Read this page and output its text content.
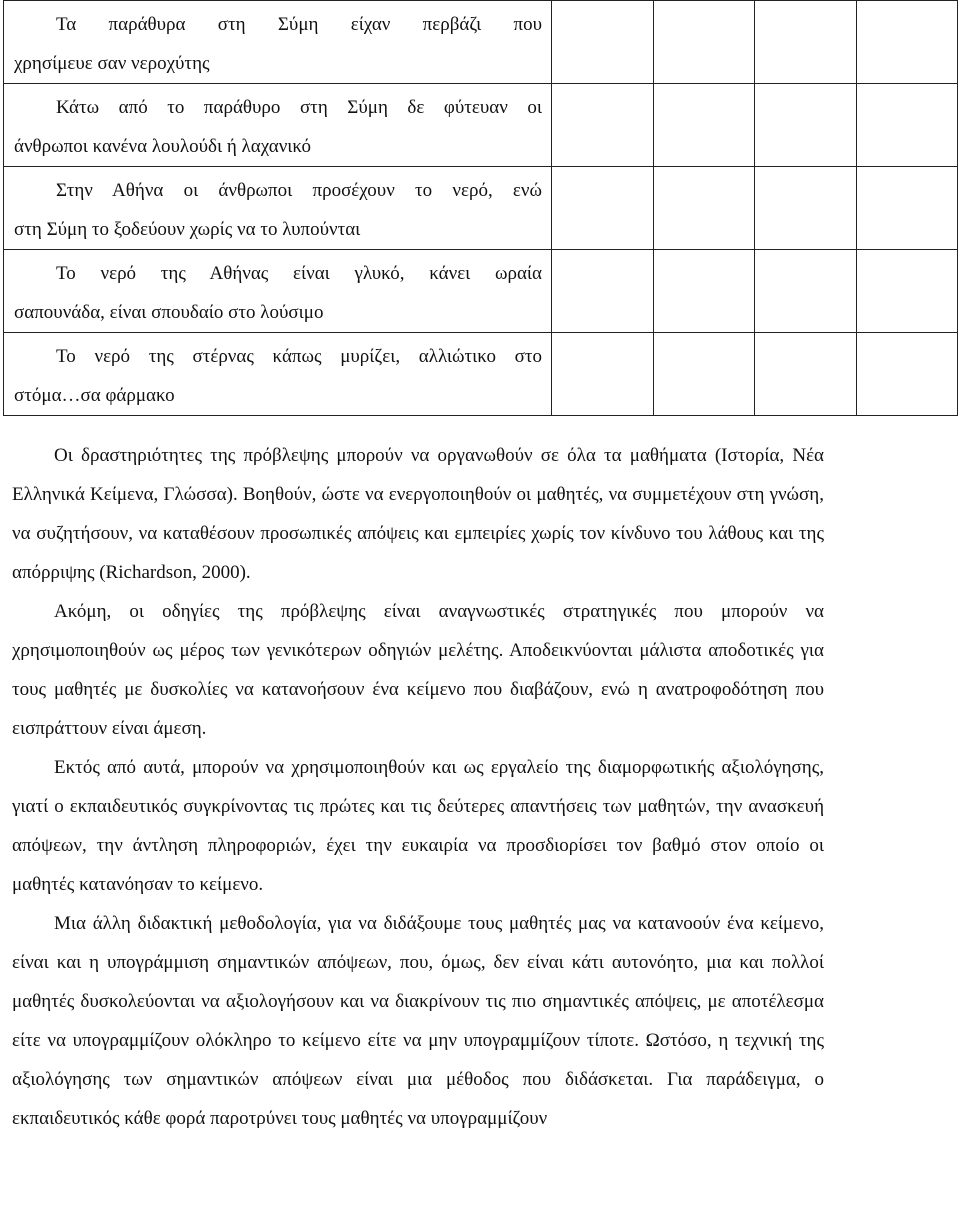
Τα παράθυρα στη Σύμη είχαν περβάζι που
χρησίμευε σαν νεροχύτης				

Κάτω από το παράθυρο στη Σύμη δε φύτευαν οι
άνθρωποι κανένα λουλούδι ή λαχανικό				

Στην Αθήνα οι άνθρωποι προσέχουν το νερό, ενώ
στη Σύμη το ξοδεύουν χωρίς να το λυπούνται				

Το νερό της Αθήνας είναι γλυκό, κάνει ωραία
σαπουνάδα, είναι σπουδαίο στο λούσιμο				

Το νερό της στέρνας κάπως μυρίζει, αλλιώτικο στο
στόμα…σα φάρμακο				

Οι δραστηριότητες της πρόβλεψης μπορούν να οργανωθούν σε όλα τα μαθήματα (Ιστορία, Νέα Ελληνικά Κείμενα, Γλώσσα). Βοηθούν, ώστε να ενεργοποιηθούν οι μαθητές, να συμμετέχουν στη γνώση, να συζητήσουν, να καταθέσουν προσωπικές απόψεις και εμπειρίες χωρίς τον κίνδυνο του λάθους και της απόρριψης (Richardson, 2000).

Ακόμη, οι οδηγίες της πρόβλεψης είναι αναγνωστικές στρατηγικές που μπορούν να χρησιμοποιηθούν ως μέρος των γενικότερων οδηγιών μελέτης. Αποδεικνύονται μάλιστα αποδοτικές για τους μαθητές με δυσκολίες να κατανοήσουν ένα κείμενο που διαβάζουν, ενώ η ανατροφοδότηση που εισπράττουν είναι άμεση.

Εκτός από αυτά, μπορούν να χρησιμοποιηθούν και ως εργαλείο της διαμορφωτικής αξιολόγησης, γιατί ο εκπαιδευτικός συγκρίνοντας τις πρώτες και τις δεύτερες απαντήσεις των μαθητών, την ανασκευή απόψεων, την άντληση πληροφοριών, έχει την ευκαιρία να προσδιορίσει τον βαθμό στον οποίο οι μαθητές κατανόησαν το κείμενο.

Μια άλλη διδακτική μεθοδολογία, για να διδάξουμε τους μαθητές μας να κατανοούν ένα κείμενο, είναι και η υπογράμμιση σημαντικών απόψεων, που, όμως, δεν είναι κάτι αυτονόητο, μια και πολλοί μαθητές δυσκολεύονται να αξιολογήσουν και να διακρίνουν τις πιο σημαντικές απόψεις, με αποτέλεσμα είτε να υπογραμμίζουν ολόκληρο το κείμενο είτε να μην υπογραμμίζουν τίποτε. Ωστόσο, η τεχνική της αξιολόγησης των σημαντικών απόψεων είναι μια μέθοδος που διδάσκεται. Για παράδειγμα, ο εκπαιδευτικός κάθε φορά παροτρύνει τους μαθητές να υπογραμμίζουν
